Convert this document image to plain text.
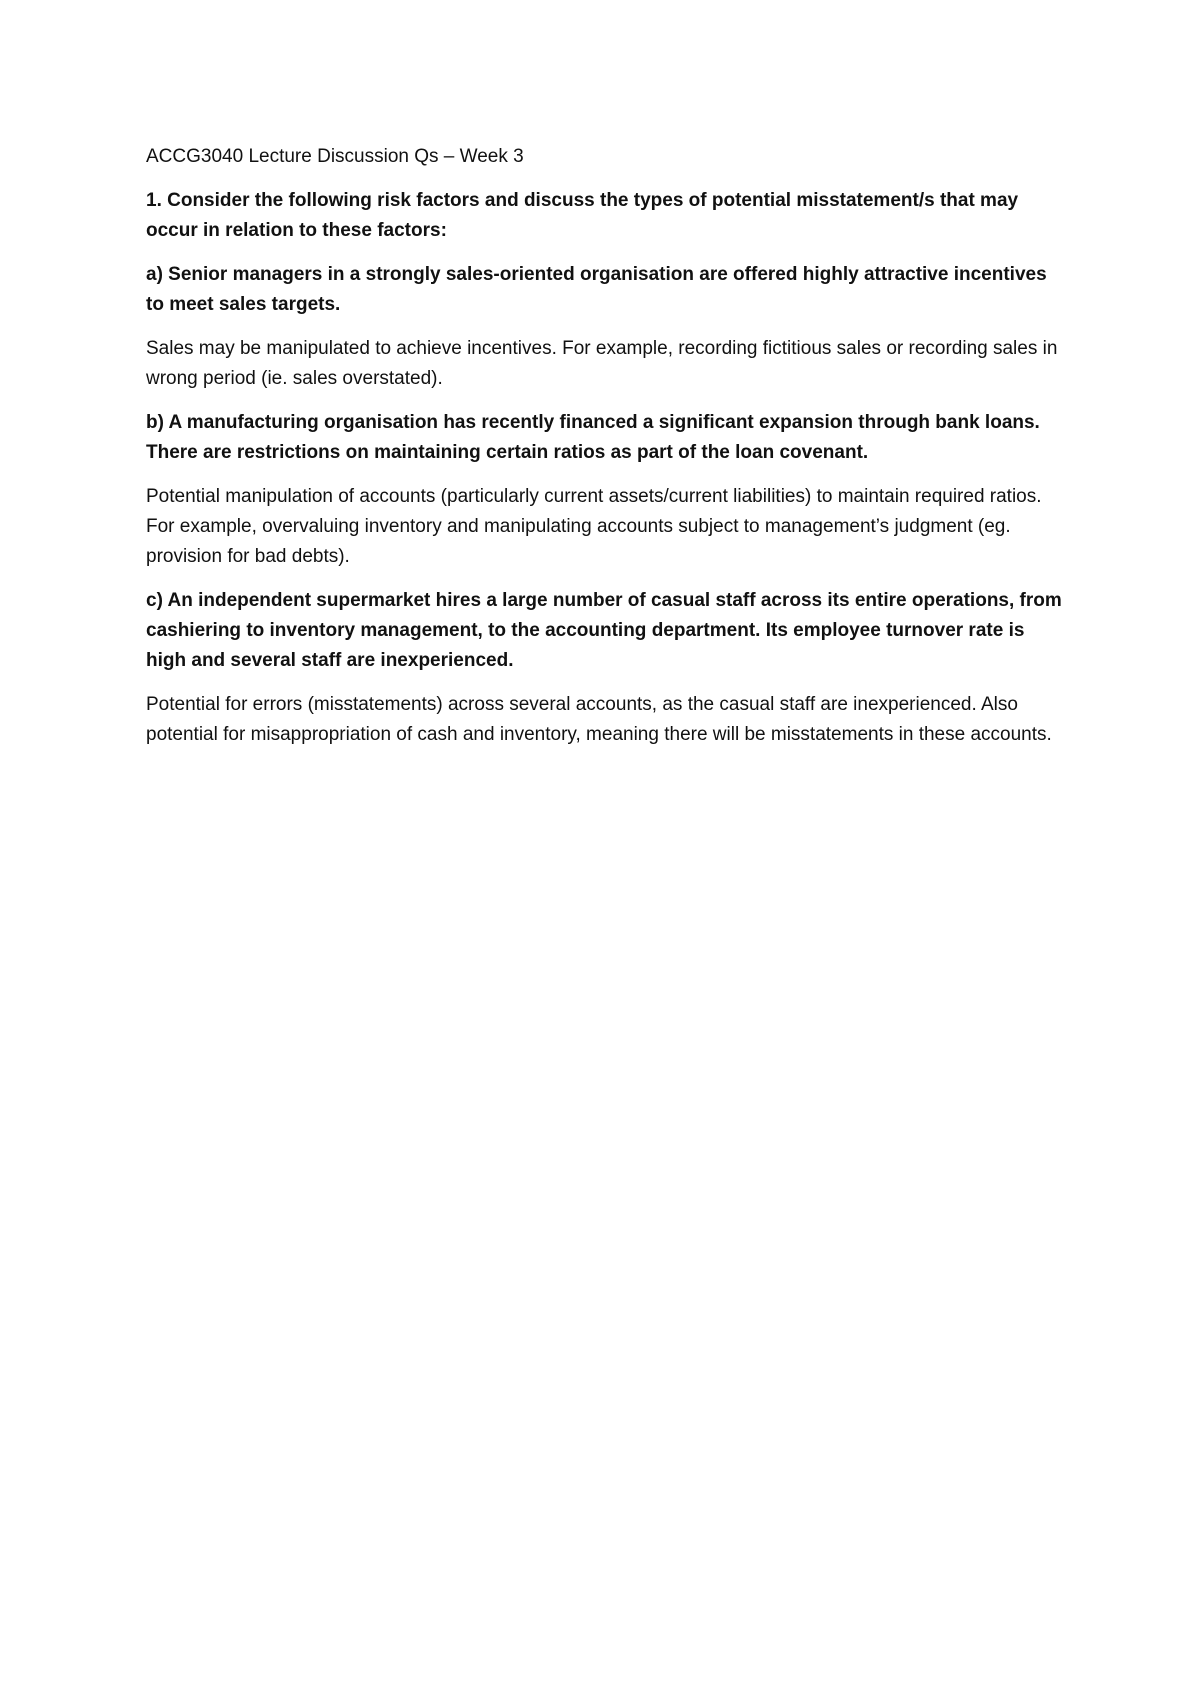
ACCG3040 Lecture Discussion Qs – Week 3

1. Consider the following risk factors and discuss the types of potential misstatement/s that may occur in relation to these factors:

a) Senior managers in a strongly sales-oriented organisation are offered highly attractive incentives to meet sales targets.

Sales may be manipulated to achieve incentives. For example, recording fictitious sales or recording sales in wrong period (ie. sales overstated).

b) A manufacturing organisation has recently financed a significant expansion through bank loans. There are restrictions on maintaining certain ratios as part of the loan covenant.

Potential manipulation of accounts (particularly current assets/current liabilities) to maintain required ratios. For example, overvaluing inventory and manipulating accounts subject to management’s judgment (eg. provision for bad debts).

c) An independent supermarket hires a large number of casual staff across its entire operations, from cashiering to inventory management, to the accounting department. Its employee turnover rate is high and several staff are inexperienced.

Potential for errors (misstatements) across several accounts, as the casual staff are inexperienced. Also potential for misappropriation of cash and inventory, meaning there will be misstatements in these accounts.
